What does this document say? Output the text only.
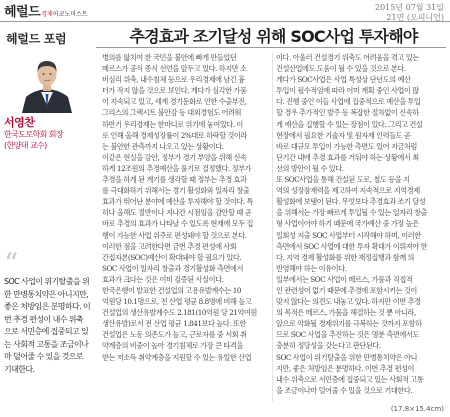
헤럴드 경제이코노미스트
2015년 07월 31일
21면 (오피니언)
헤럴드 포럼	추경효과 조기달성 위해 SOC사업 투자해야
서영찬
한국도로학회 회장
(한양대 교수)
“
SOC 사업이 위기탈출을 위
한 만병통치약은 아니지만,
좋은 처방임은 분명하다. 이
번 추경 편성이 내수 위축
으로 서민층에 집중되고 있
는 사회적 고통을 조금이나
마 덜어줄 수 있을 것으로
기대한다.
병의를 앓치여 한 국민을 불안에 빠게 만들었던
메르스가 공식 종식 선언을 앞두고 있다. 하지만 소
비심리 위축, 내수침체 등으로 우리경제에 남긴 흉
터가 작지 않을 것으로 보인다. 게다가 심각한 가뭄
이 지속되고 있고, 세계 경기둔화로 인한 수출부진,
그리스의 그렉시트 불안감 등 대외경험도 어려워
하반기 우리경제는 한마디로 위기에 놓여있다. 이
로 인해 올해 경제성장률이 2%대로 하락할 것이라
는 불안한 관측까지 나오고 있는 상황이다.
이같은 현실을 감안, 정부가 경기 부양을 위해 신속
하게 12조원의 추경예산을 풀기로 결정했다. 정부가
추경을 하게 된 계기를 생각할 때 정부는 추경 효과
를 극대화하기 위해서는 경기 활성화와 일자리 창출
효과가 뛰어난 분야에 예산을 투자해야 할 것이다. 특
히나 올해도 절반이나 지나간 시점임을 감안할 때 곧
바로 추경의 효과가 나타날 수 있도록 현재에 모두 집
행이 가능한 사업 위주로 편성돼야 할 것으로 본다.
이러한 점을 고려한다면 금번 추경 편성에 사회
간접자본(SOC)예산이 확대돼야 할 필요가 있다.
SOC 사업이 일자리 창출과 경기활성화 측면에서
효과가 크다는 것은 이미 검증된 사실이다.
한국은행이 발표한 건설업의 고용유발계수는 10
억원당 10.1명으로, 전 산업 평균 8.8명에 비해 높고
건설업의 생산유발계수도 2.181(10억원 당 21억여원
생산유발)로서 전 산업 평균 1.841보다 높다. 또한
건설업은 노동 의존도가 높고, 근로자를 중 서회 취
약계층의 비중이 높아 경기침체로 가장 큰 타격을
받는 저소득 취약계층을 지원할 수 있는 유일한 산업
이다. 아울러 건설경기 위축도 어려움을 겪고 있는
건설산업에도 도움이 될 수 있을 것으로 본다.
게다가 SOC사업은 사업 특성상 단년도의 예산
투입이 필수적임에 따라 이미 계획 중인 사업이 많
다. 진행 중인 이들 사업에 집중적으로 예산을 투입
할 경우 추가적인 발주 등 복잡한 절차없이 신속하
게 예산을 집행할 수 있는 장점이 있다. 그리고 건설
현장에서 필요한 기술자 및 원자재 인력들도 곧
바로 대규모 투입이 가능한 측면도 있어 지금처럼
단기간 내에 추경 효과를 거둬야 하는 상황에서 최
선의 방안이 될 수 있다.
또 SOC사업을 통해 건설된 도로, 철도 등을 지
역의 성장잠재력을 제고하여 지속적으로 지역경제
활성화에 보탬이 된다. 무엇보다 추경효과 조기 달성
을 위해서는 가장 빠르게 투입될 수 있는 일자리 창출
형 사업이어야 하기 때문에 국가예산 중 가장 높은
일회성 지출 SOC 사업부터 시작해야 하며, 이러한
측면에서 SOC 사업에 대한 투자 확대가 이뤄져야 한
다. 지역 경제 활성화를 위한 재정집행과 함께 의
반영해야 하는 이유이다.
일부에서는 SOC 사업이 메르스, 가뭄과 직접적
인 관련성이 없기 때문에 추경에 포함시키는 것이
맞지 않다는 의견도 내놓고 있다. 하지만 이번 추경
의 목적은 메르스, 가뭄을 해결하는 것 뿐 아니라,
앞으로 악화될 경제위기를 극복하는 것까지 포함하
므로 SOC 사업을 추진하는 것은 명분 측면에서도
충분히 정당성을 갖는다고 판단된다.
SOC 사업이 위기탈출을 위한 만병통치약은 아니
지만, 좋은 처방임은 분명하다. 이번 추경 편성이
내수 위축으로 서민층에 집중되고 있는 사회적 고통
을 조금이나마 덜어줄 수 있을 것으로 기대한다.
(17.8×15.4cm)
